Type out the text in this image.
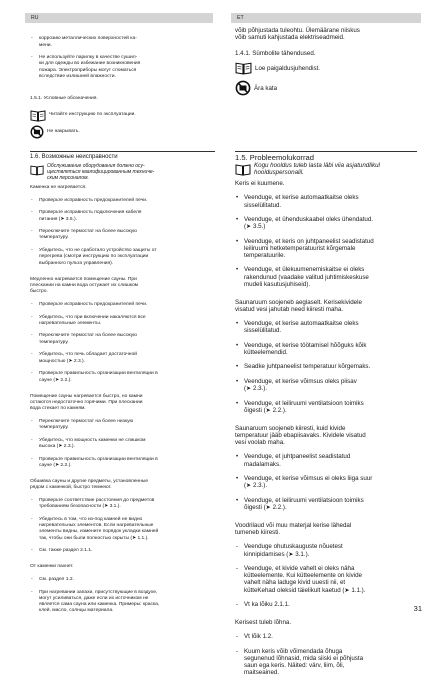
RU	ET

- коррозию металлических поверхностей ка-
мени.

- Не используйте парилку в качестве сушил-
ки для одежды во избежание возникновения
пожара. Электроприборы могут сломаться
вследствие излишней влажности.

1.5.1. Условные обозначения.
Читайте инструкцию по эксплуатации.
Не накрывать.
1.6. Возможные неисправности
Обслуживание оборудования должно осу-
ществляться квалифицированным техниче-
ским персоналом.
Каменка не нагревается.

- Проверьте исправность предохранителей печи.

- Проверьте исправность подключения кабеля
питания (➤ 3.5.).

- Переключите термостат на более высокую
температуру.

- Убедитесь, что не сработало устройство защиты от
перегрева (смотри инструкцию по эксплуатации
выбранного пульта управления).

Медленно нагревается помещение сауны. При
плескании на камни вода остужает их слишком
быстро.

- Проверьте исправность предохранителей печи.

- Убедитесь, что при включении накаляются все
нагревательные элементы.

- Переключите термостат на более высокую
температуру.

- Убедитесь, что печь обладает достаточной
мощностью (➤ 2.3.).

- Проверьте правильность организации вентиляции в
сауне (➤ 2.2.).

Помещение сауны нагревается быстро, но камни
остаются недостаточно горячими. При плескании
вода стекает по камням.

- Переключите термостат на более низкую
температуру.

- Убедитесь, что мощность каменки не слишком
высока (➤ 2.3.).

- Проверьте правильность организации вентиляции в
сауне (➤ 2.2.).

Обшивка сауны и другие предметы, установленные
рядом с каменкой, быстро темнеют.

- Проверьте соответствие расстояния до предметов
требованиям безопасности (➤ 3.1.).

- Убедитесь в том, что из-под камней не видно
нагревательных элементов. Если нагревательные
элементы видны, измените порядок укладки камней
так, чтобы они были полностью скрыты (➤ 1.1.).

- См. также раздел 2.1.1.

От каменки пахнет.

- См. раздел 1.2.

- При нагревании запахи, присутствующие в воздухе,
могут усиливаться, даже если их источником не
является сама сауна или каменка. Примеры: краска,
клей, масло, солнцы материала.

võib põhjustada tuleohtu. Ülemäärane niiskus
võib samuti kahjustada elektriseadmeid.
1.4.1. Sümbolite tähendused.
Loe paigaldusjuhendist.
Ära kata
1.5. Probleemolukorrad
Kogu hooldus tuleb lasta läbi viia asjatundlikul
hoolduspersonalil.
Keris ei kuumene.

• Veenduge, et kerise automaatkaitse oleks
sisselülitatud.

• Veenduge, et ühenduskaabel oleks ühendatud.
(➤ 3.5.)

• Veenduge, et keris on juhtpaneelist seadistatud
leiliruumi hetketemperatuurist kõrgemale
temperatuurile.

• Veenduge, et ülekuumenemiskaitse ei oleks
rakendunud (vaadake valitud juhtimiskeskuse
mudeli kasutusjuhiseid).

Saunaruum soojeneb aeglaselt. Kerisekividele
visatud vesi jahutab need kiiresti maha.

• Veenduge, et kerise automaatkaitse oleks
sisselülitatud.

• Veenduge, et kerise töötamisel hõõguks kõik
kütteelemendid.

• Seadke juhtpaneelist temperatuur kõrgemaks.

• Veenduge, et kerise võimsus oleks piisav
(➤ 2.3.).

• Veenduge, et leiliruumi ventilatsioon toimiks
õigesti (➤ 2.2.).

Saunaruum soojeneb kiiresti, kuid kivide
temperatuur jääb ebapiisavaks. Kividele visatud
vesi voolab maha.

• Veenduge, et juhtpaneelist seadistatud
madalamaks.

• Veenduge, et kerise võimsus ei oleks liiga suur
(➤ 2.3.).

• Veenduge, et leiliruumi ventilatsioon toimiks
õigesti (➤ 2.2.).

Voodrilaud või muu materjal kerise lähedal
tumeneb kiiresti.

- Veenduge ohutuskauguste nõuetest
kinnipidamises (➤ 3.1.).

- Veenduge, et kivide vahelt ei oleks näha
kütteelemente. Kui kütteelemente on kivide
vahelt näha laduge kivid uuesti nii, et
kütteKehad oleksid täielikult kaetud (➤ 1.1.).

- Vt ka lõiku 2.1.1.

Kerisest tuleb lõhna.

- Vt lõik 1.2.

- Kuum keris võib võimendada õhuga
segunenud lõhnasid, mida siiski ei põhjusta
saun ega keris. Näited: värv, liim, õli,
maitseained.

31
